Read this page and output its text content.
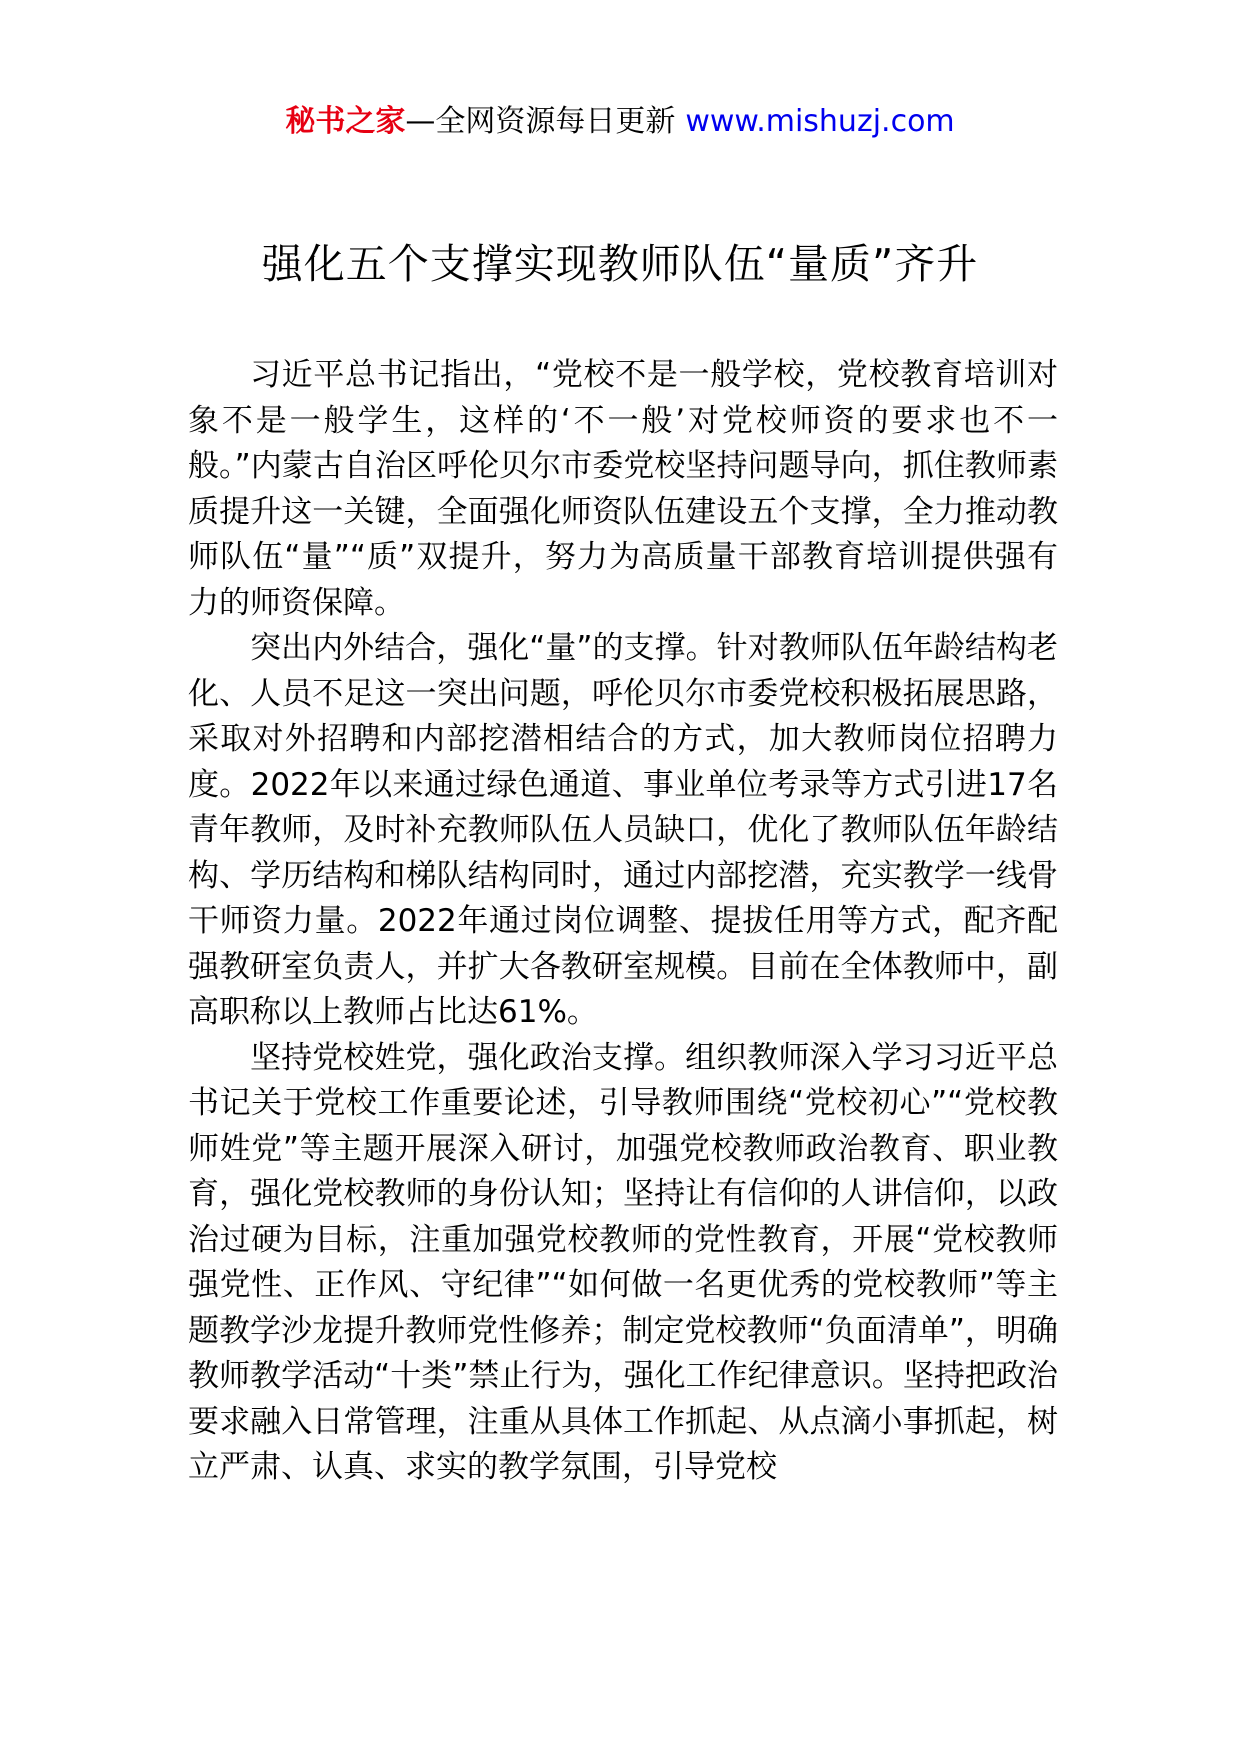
秘书之家—全网资源每日更新 www.mishuzj.com
强化五个支撑实现教师队伍“量质”齐升

习近平总书记指出，“党校不是一般学校，党校教育培训对象不是一般学生，这样的‘不一般’对党校师资的要求也不一般。”内蒙古自治区呼伦贝尔市委党校坚持问题导向，抓住教师素质提升这一关键，全面强化师资队伍建设五个支撑，全力推动教师队伍“量”“质”双提升，努力为高质量干部教育培训提供强有力的师资保障。

突出内外结合，强化“量”的支撑。针对教师队伍年龄结构老化、人员不足这一突出问题，呼伦贝尔市委党校积极拓展思路，采取对外招聘和内部挖潜相结合的方式，加大教师岗位招聘力度。2022年以来通过绿色通道、事业单位考录等方式引进17名青年教师，及时补充教师队伍人员缺口，优化了教师队伍年龄结构、学历结构和梯队结构同时，通过内部挖潜，充实教学一线骨干师资力量。2022年通过岗位调整、提拔任用等方式，配齐配强教研室负责人，并扩大各教研室规模。目前在全体教师中，副高职称以上教师占比达61%。

坚持党校姓党，强化政治支撑。组织教师深入学习习近平总书记关于党校工作重要论述，引导教师围绕“党校初心”“党校教师姓党”等主题开展深入研讨，加强党校教师政治教育、职业教育，强化党校教师的身份认知；坚持让有信仰的人讲信仰，以政治过硬为目标，注重加强党校教师的党性教育，开展“党校教师强党性、正作风、守纪律”“如何做一名更优秀的党校教师”等主题教学沙龙提升教师党性修养；制定党校教师“负面清单”，明确教师教学活动“十类”禁止行为，强化工作纪律意识。坚持把政治要求融入日常管理，注重从具体工作抓起、从点滴小事抓起，树立严肃、认真、求实的教学氛围，引导党校
